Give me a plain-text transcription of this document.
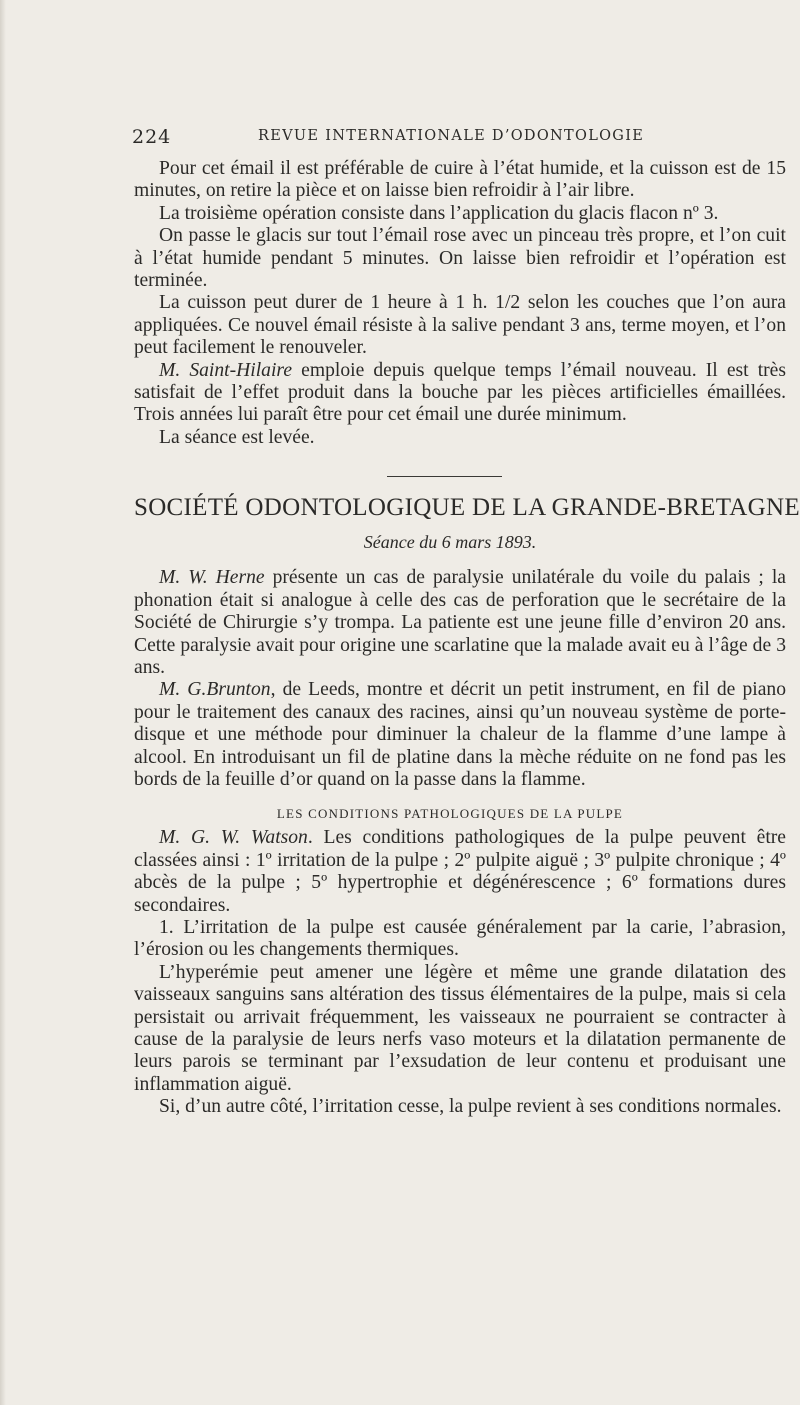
224	REVUE INTERNATIONALE D’ODONTOLOGIE

Pour cet émail il est préférable de cuire à l’état humide, et la cuisson est de 15 minutes, on retire la pièce et on laisse bien refroidir à l’air libre.

La troisième opération consiste dans l’application du glacis flacon nº 3.

On passe le glacis sur tout l’émail rose avec un pinceau très propre, et l’on cuit à l’état humide pendant 5 minutes. On laisse bien refroidir et l’opération est terminée.

La cuisson peut durer de 1 heure à 1 h. 1/2 selon les couches que l’on aura appliquées. Ce nouvel émail résiste à la salive pendant 3 ans, terme moyen, et l’on peut facilement le renouveler.

M. Saint-Hilaire emploie depuis quelque temps l’émail nouveau. Il est très satisfait de l’effet produit dans la bouche par les pièces artificielles émaillées. Trois années lui paraît être pour cet émail une durée minimum.

La séance est levée.

SOCIÉTÉ ODONTOLOGIQUE DE LA GRANDE-BRETAGNE
Séance du 6 mars 1893.

M. W. Herne présente un cas de paralysie unilatérale du voile du palais ; la phonation était si analogue à celle des cas de perforation que le secrétaire de la Société de Chirurgie s’y trompa. La patiente est une jeune fille d’environ 20 ans. Cette paralysie avait pour origine une scarlatine que la malade avait eu à l’âge de 3 ans.

M. G.Brunton, de Leeds, montre et décrit un petit instrument, en fil de piano pour le traitement des canaux des racines, ainsi qu’un nouveau système de porte-disque et une méthode pour diminuer la chaleur de la flamme d’une lampe à alcool. En introduisant un fil de platine dans la mèche réduite on ne fond pas les bords de la feuille d’or quand on la passe dans la flamme.

LES CONDITIONS PATHOLOGIQUES DE LA PULPE

M. G. W. Watson. Les conditions pathologiques de la pulpe peuvent être classées ainsi : 1º irritation de la pulpe ; 2º pulpite aiguë ; 3º pulpite chronique ; 4º abcès de la pulpe ; 5º hypertrophie et dégénérescence ; 6º formations dures secondaires.

1. L’irritation de la pulpe est causée généralement par la carie, l’abrasion, l’érosion ou les changements thermiques.

L’hyperémie peut amener une légère et même une grande dilatation des vaisseaux sanguins sans altération des tissus élémentaires de la pulpe, mais si cela persistait ou arrivait fréquemment, les vaisseaux ne pourraient se contracter à cause de la paralysie de leurs nerfs vaso moteurs et la dilatation permanente de leurs parois se terminant par l’exsudation de leur contenu et produisant une inflammation aiguë.

Si, d’un autre côté, l’irritation cesse, la pulpe revient à ses conditions normales.
